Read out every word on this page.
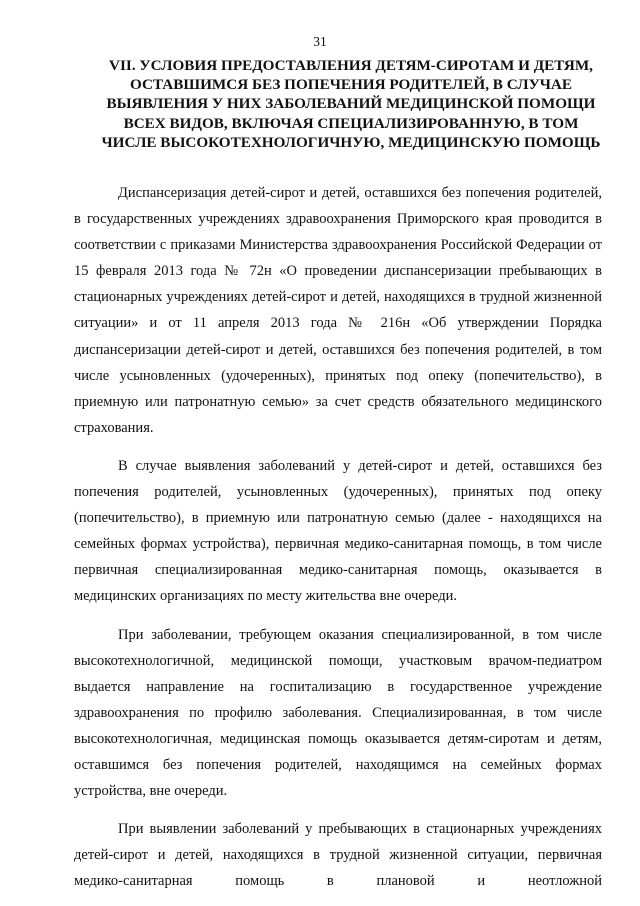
31
VII. УСЛОВИЯ ПРЕДОСТАВЛЕНИЯ ДЕТЯМ-СИРОТАМ И ДЕТЯМ, ОСТАВШИМСЯ БЕЗ ПОПЕЧЕНИЯ РОДИТЕЛЕЙ, В СЛУЧАЕ ВЫЯВЛЕНИЯ У НИХ ЗАБОЛЕВАНИЙ МЕДИЦИНСКОЙ ПОМОЩИ ВСЕХ ВИДОВ, ВКЛЮЧАЯ СПЕЦИАЛИЗИРОВАННУЮ, В ТОМ ЧИСЛЕ ВЫСОКОТЕХНОЛОГИЧНУЮ, МЕДИЦИНСКУЮ ПОМОЩЬ

Диспансеризация детей-сирот и детей, оставшихся без попечения родителей, в государственных учреждениях здравоохранения Приморского края проводится в соответствии с приказами Министерства здравоохранения Российской Федерации от 15 февраля 2013 года № 72н «О проведении диспансеризации пребывающих в стационарных учреждениях детей-сирот и детей, находящихся в трудной жизненной ситуации» и от 11 апреля 2013 года № 216н «Об утверждении Порядка диспансеризации детей-сирот и детей, оставшихся без попечения родителей, в том числе усыновленных (удочеренных), принятых под опеку (попечительство), в приемную или патронатную семью» за счет средств обязательного медицинского страхования.

В случае выявления заболеваний у детей-сирот и детей, оставшихся без попечения родителей, усыновленных (удочеренных), принятых под опеку (попечительство), в приемную или патронатную семью (далее - находящихся на семейных формах устройства), первичная медико-санитарная помощь, в том числе первичная специализированная медико-санитарная помощь, оказывается в медицинских организациях по месту жительства вне очереди.

При заболевании, требующем оказания специализированной, в том числе высокотехнологичной, медицинской помощи, участковым врачом-педиатром выдается направление на госпитализацию в государственное учреждение здравоохранения по профилю заболевания. Специализированная, в том числе высокотехнологичная, медицинская помощь оказывается детям-сиротам и детям, оставшимся без попечения родителей, находящимся на семейных формах устройства, вне очереди.

При выявлении заболеваний у пребывающих в стационарных учреждениях детей-сирот и детей, находящихся в трудной жизненной ситуации, первичная медико-санитарная помощь в плановой и неотложной
